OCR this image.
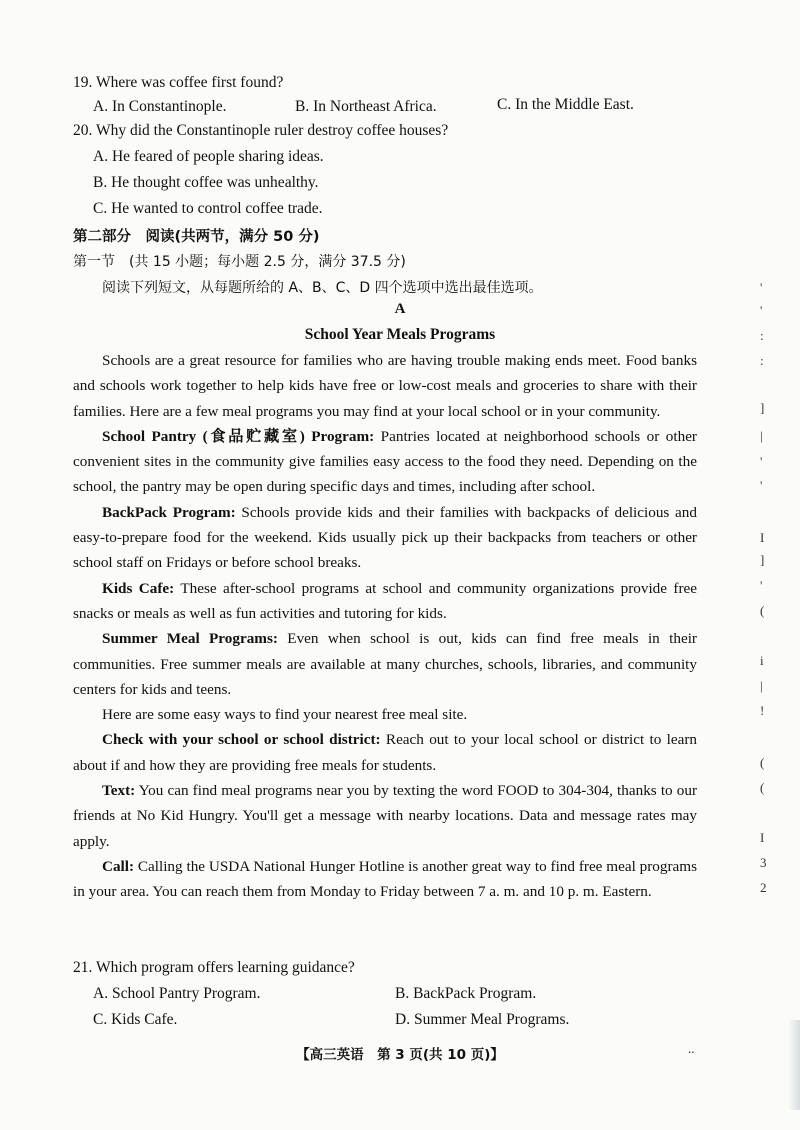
19. Where was coffee first found?
A. In Constantinople.	B. In Northeast Africa.	C. In the Middle East.
20. Why did the Constantinople ruler destroy coffee houses?
A. He feared of people sharing ideas.
B. He thought coffee was unhealthy.
C. He wanted to control coffee trade.
第二部分　阅读(共两节，满分 50 分)
第一节　(共 15 小题；每小题 2.5 分，满分 37.5 分)
阅读下列短文，从每题所给的 A、B、C、D 四个选项中选出最佳选项。
A
School Year Meals Programs

Schools are a great resource for families who are having trouble making ends meet. Food banks and schools work together to help kids have free or low-cost meals and groceries to share with their families. Here are a few meal programs you may find at your local school or in your community.

School Pantry (食品贮藏室) Program: Pantries located at neighborhood schools or other convenient sites in the community give families easy access to the food they need. Depending on the school, the pantry may be open during specific days and times, including after school.

BackPack Program: Schools provide kids and their families with backpacks of delicious and easy-to-prepare food for the weekend. Kids usually pick up their backpacks from teachers or other school staff on Fridays or before school breaks.

Kids Cafe: These after-school programs at school and community organizations provide free snacks or meals as well as fun activities and tutoring for kids.

Summer Meal Programs: Even when school is out, kids can find free meals in their communities. Free summer meals are available at many churches, schools, libraries, and community centers for kids and teens.

Here are some easy ways to find your nearest free meal site.

Check with your school or school district: Reach out to your local school or district to learn about if and how they are providing free meals for students.

Text: You can find meal programs near you by texting the word FOOD to 304-304, thanks to our friends at No Kid Hungry. You'll get a message with nearby locations. Data and message rates may apply.

Call: Calling the USDA National Hunger Hotline is another great way to find free meal programs in your area. You can reach them from Monday to Friday between 7 a. m. and 10 p. m. Eastern.

21. Which program offers learning guidance?
A. School Pantry Program.	B. BackPack Program.
C. Kids Cafe.	D. Summer Meal Programs.
【高三英语　第 3 页(共 10 页)】	..
'
'
:
:
]
|
'
'
I
]
'
(
i
|
!
(
(
I
3
2
